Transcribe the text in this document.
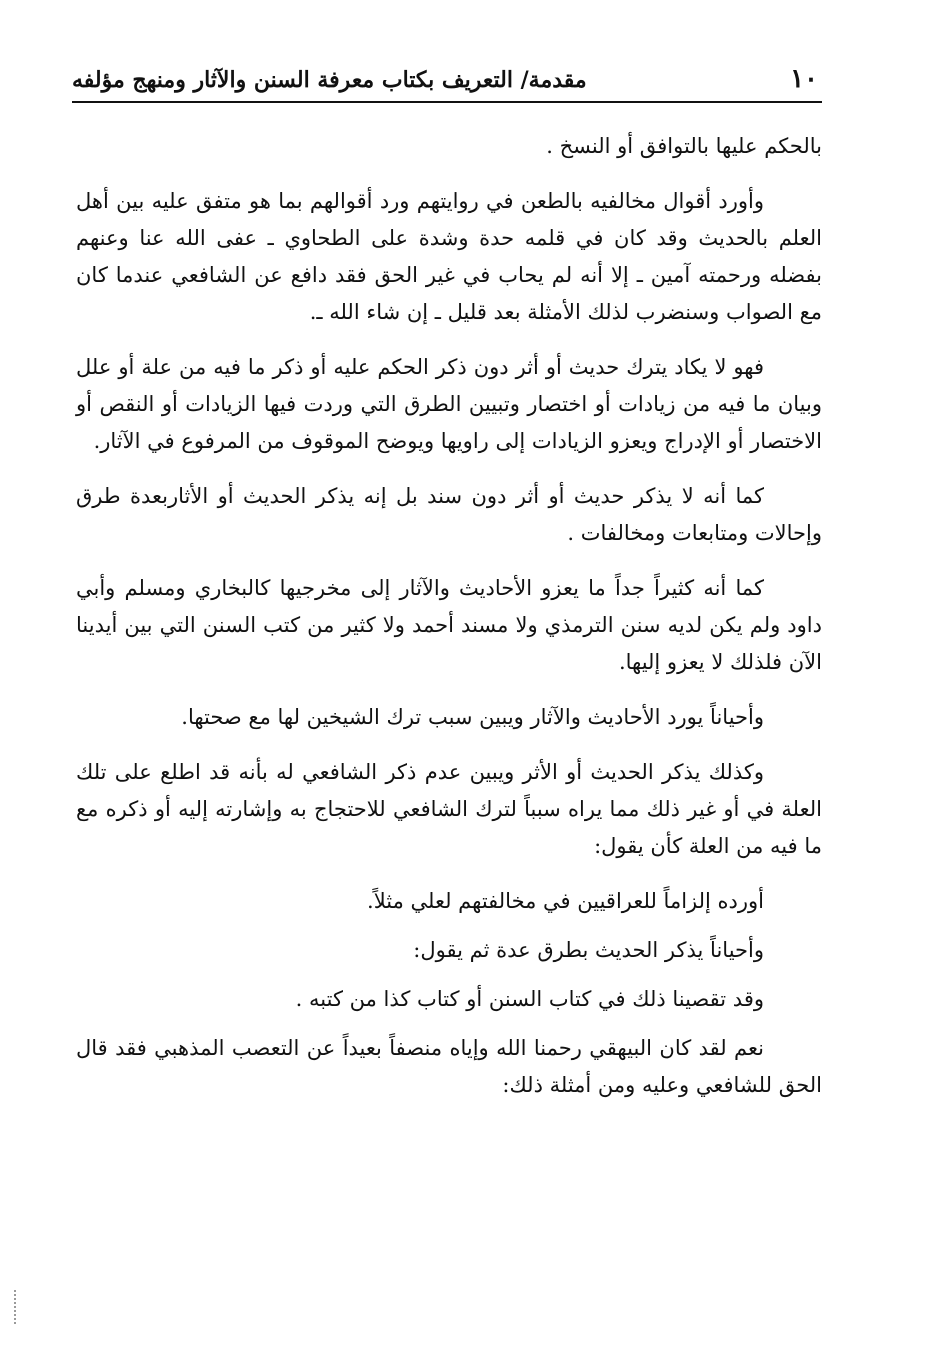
١٠
مقدمة/ التعريف بكتاب معرفة السنن والآثار ومنهج مؤلفه

بالحكم عليها بالتوافق أو النسخ .

وأورد أقوال مخالفيه بالطعن في روايتهم ورد أقوالهم بما هو متفق عليه بين أهل العلم بالحديث وقد كان في قلمه حدة وشدة على الطحاوي ـ عفى الله عنا وعنهم بفضله ورحمته آمين ـ إلا أنه لم يحاب في غير الحق فقد دافع عن الشافعي عندما كان مع الصواب وسنضرب لذلك الأمثلة بعد قليل ـ إن شاء الله ـ.

فهو لا يكاد يترك حديث أو أثر دون ذكر الحكم عليه أو ذكر ما فيه من علة أو علل وبيان ما فيه من زيادات أو اختصار وتبيين الطرق التي وردت فيها الزيادات أو النقص أو الاختصار أو الإدراج ويعزو الزيادات إلى راويها ويوضح الموقوف من المرفوع في الآثار.

كما أنه لا يذكر حديث أو أثر دون سند بل إنه يذكر الحديث أو الأثاربعدة طرق وإحالات ومتابعات ومخالفات .

كما أنه كثيراً جداً ما يعزو الأحاديث والآثار إلى مخرجيها كالبخاري ومسلم وأبي داود ولم يكن لديه سنن الترمذي ولا مسند أحمد ولا كثير من كتب السنن التي بين أيدينا الآن فلذلك لا يعزو إليها.

وأحياناً يورد الأحاديث والآثار ويبين سبب ترك الشيخين لها مع صحتها.

وكذلك يذكر الحديث أو الأثر ويبين عدم ذكر الشافعي له بأنه قد اطلع على تلك العلة في أو غير ذلك مما يراه سبباً لترك الشافعي للاحتجاج به وإشارته إليه أو ذكره مع ما فيه من العلة كأن يقول:

أورده إلزاماً للعراقيين في مخالفتهم لعلي مثلاً.

وأحياناً يذكر الحديث بطرق عدة ثم يقول:

وقد تقصينا ذلك في كتاب السنن أو كتاب كذا من كتبه .

نعم لقد كان البيهقي رحمنا الله وإياه منصفاً بعيداً عن التعصب المذهبي فقد قال الحق للشافعي وعليه ومن أمثلة ذلك:
